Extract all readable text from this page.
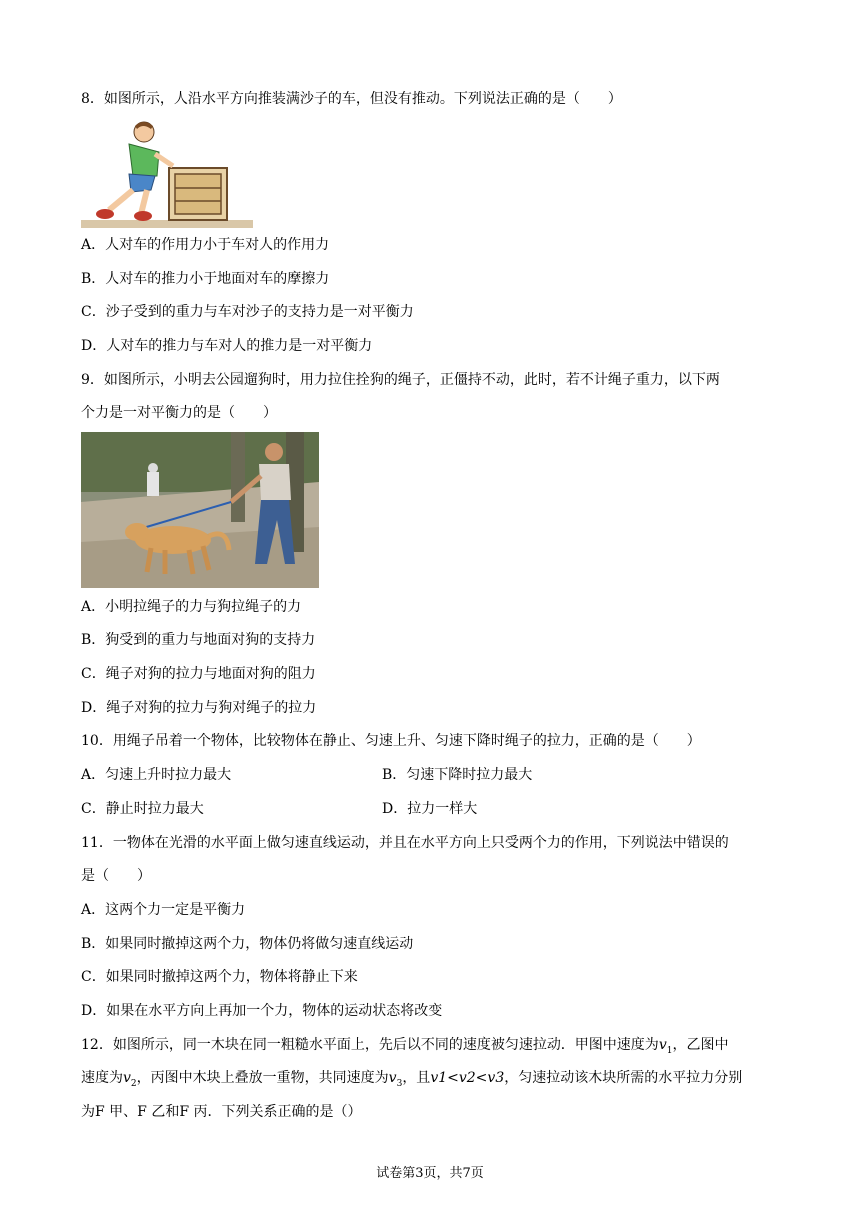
8．如图所示，人沿水平方向推装满沙子的车，但没有推动。下列说法正确的是（　　）
A．人对车的作用力小于车对人的作用力
B．人对车的推力小于地面对车的摩擦力
C．沙子受到的重力与车对沙子的支持力是一对平衡力
D．人对车的推力与车对人的推力是一对平衡力
9．如图所示，小明去公园遛狗时，用力拉住拴狗的绳子，正僵持不动，此时，若不计绳子重力，以下两
个力是一对平衡力的是（　　）
A．小明拉绳子的力与狗拉绳子的力
B．狗受到的重力与地面对狗的支持力
C．绳子对狗的拉力与地面对狗的阻力
D．绳子对狗的拉力与狗对绳子的拉力
10．用绳子吊着一个物体，比较物体在静止、匀速上升、匀速下降时绳子的拉力，正确的是（　　）
A．匀速上升时拉力最大	B．匀速下降时拉力最大
C．静止时拉力最大	D．拉力一样大
11．一物体在光滑的水平面上做匀速直线运动，并且在水平方向上只受两个力的作用，下列说法中错误的
是（　　）
A．这两个力一定是平衡力
B．如果同时撤掉这两个力，物体仍将做匀速直线运动
C．如果同时撤掉这两个力，物体将静止下来
D．如果在水平方向上再加一个力，物体的运动状态将改变
12．如图所示，同一木块在同一粗糙水平面上，先后以不同的速度被匀速拉动．甲图中速度为$v_1$，乙图中
速度为$v_2$，丙图中木块上叠放一重物，共同速度为$v_3$，且v1<v2<v3，匀速拉动该木块所需的水平拉力分别
为F 甲、F 乙和F 丙．下列关系正确的是（）
试卷第3页，共7页
